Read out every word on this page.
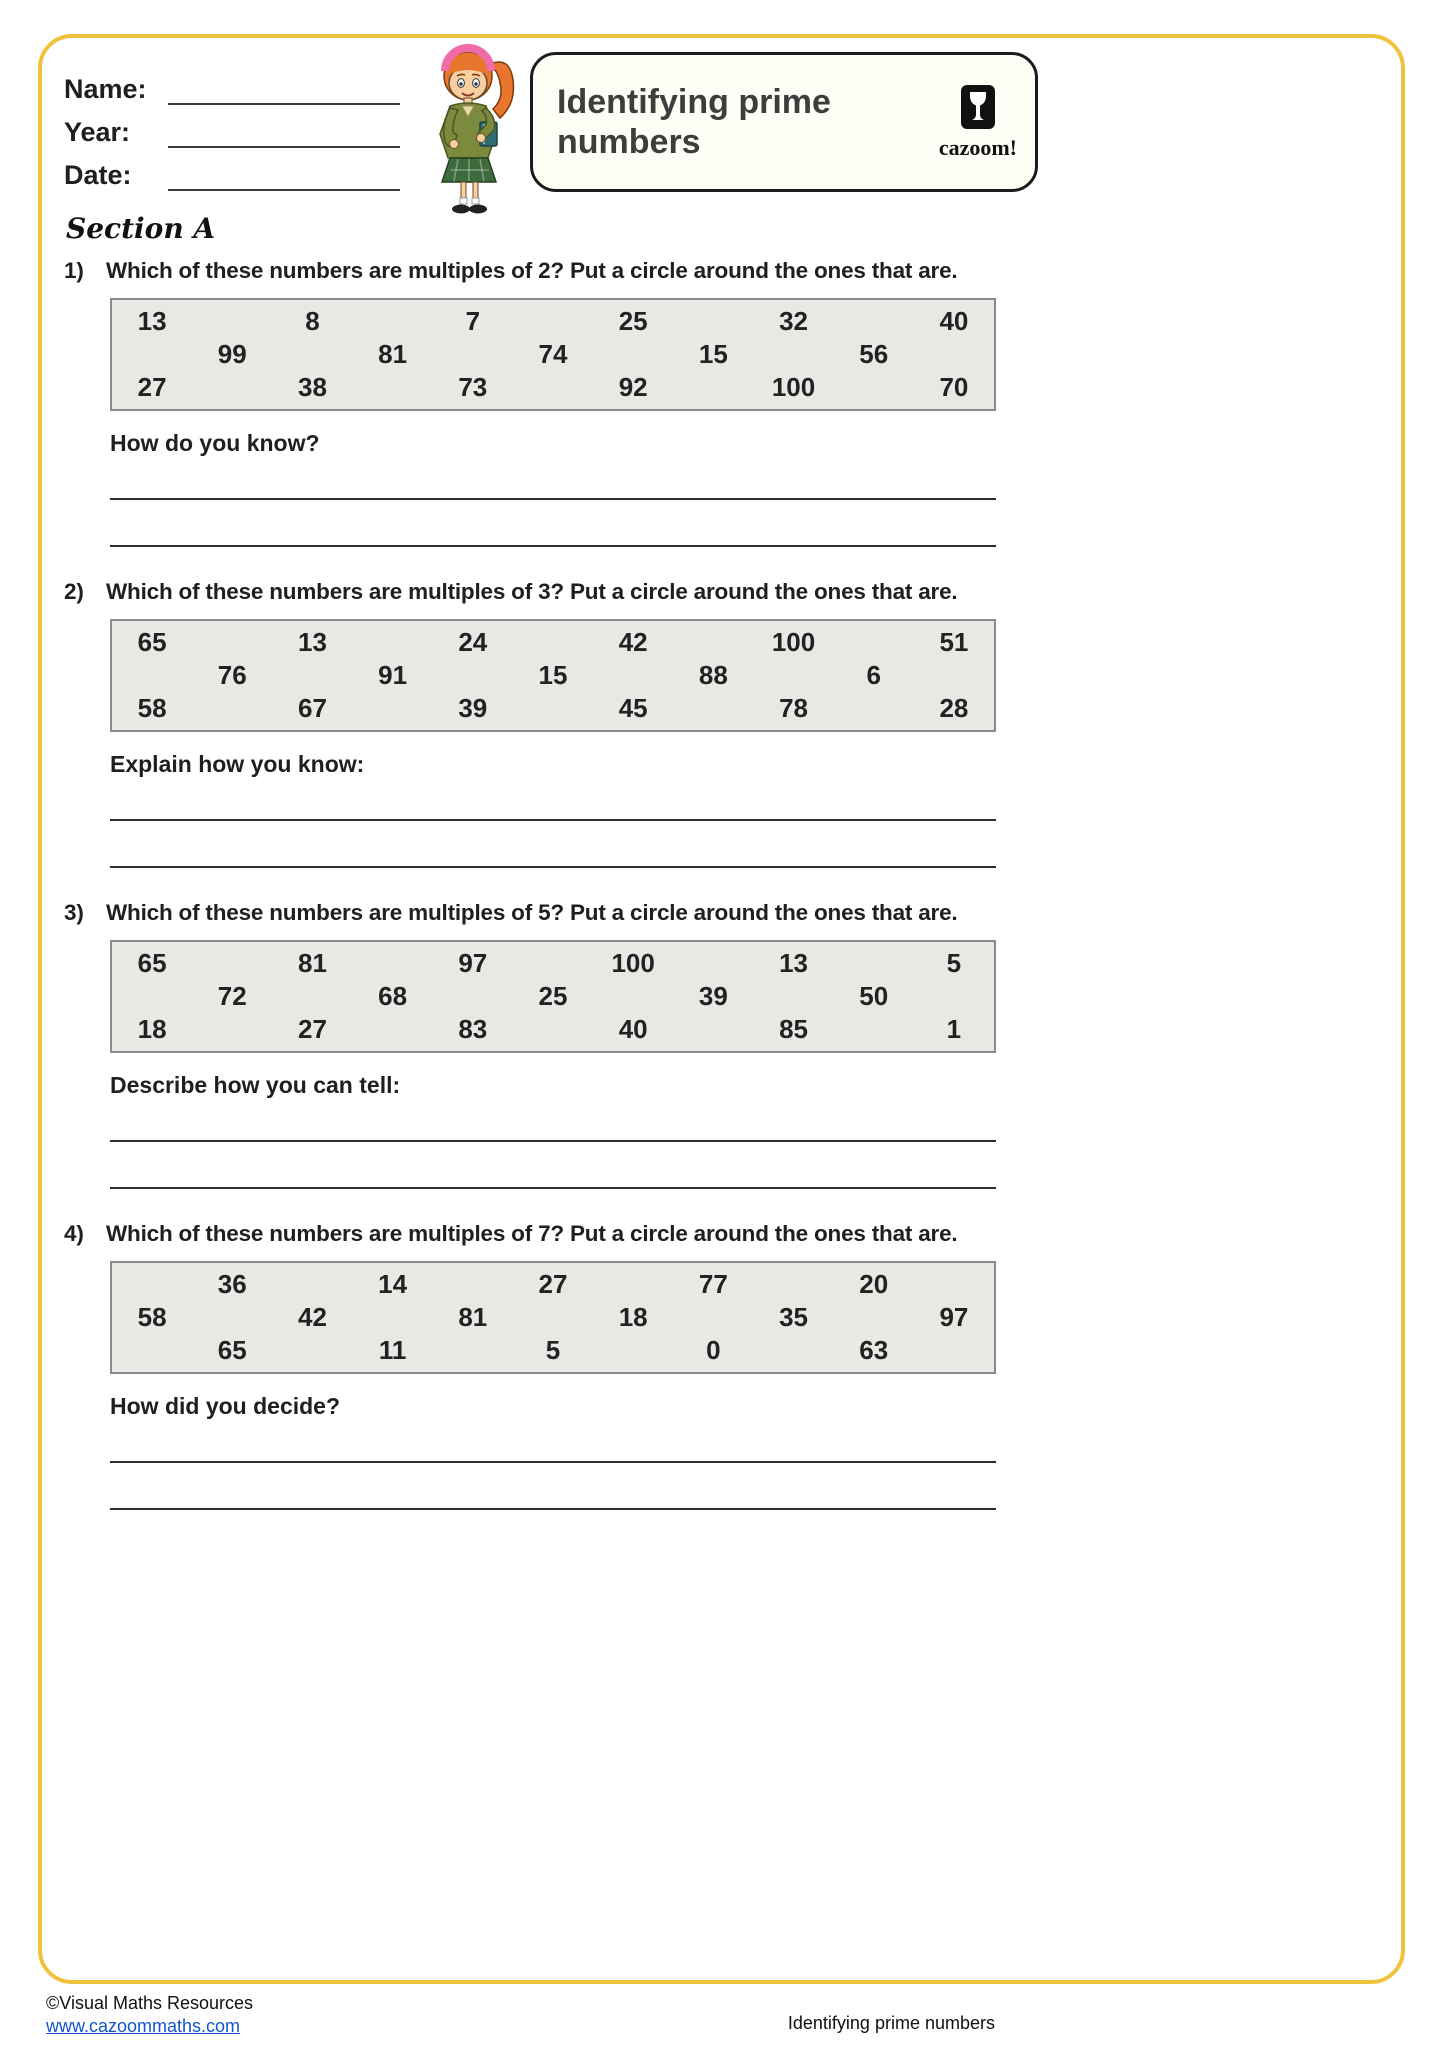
Name:
Year:
Date:
Identifying prime numbers	cazoom!
Section A
1) Which of these numbers are multiples of 2? Put a circle around the ones that are.
13	8	7	25	32	40
99	81	74	15	56
27	38	73	92	100	70
How do you know?
2) Which of these numbers are multiples of 3? Put a circle around the ones that are.
65	13	24	42	100	51
76	91	15	88	6
58	67	39	45	78	28
Explain how you know:
3) Which of these numbers are multiples of 5? Put a circle around the ones that are.
65	81	97	100	13	5
72	68	25	39	50
18	27	83	40	85	1
Describe how you can tell:
4) Which of these numbers are multiples of 7? Put a circle around the ones that are.
36	14	27	77	20
58	42	81	18	35	97
65	11	5	0	63
How did you decide?
©Visual Maths Resources
www.cazoommaths.com	Identifying prime numbers
